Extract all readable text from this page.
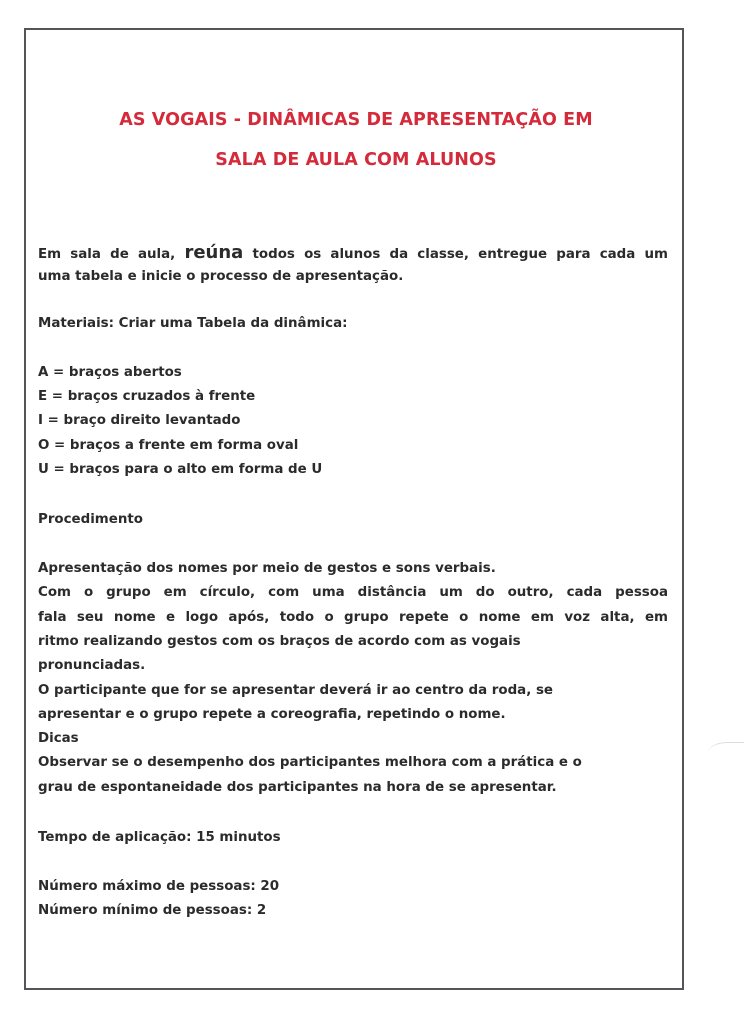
AS VOGAIS - DINÂMICAS DE APRESENTAÇÃO EM
SALA DE AULA COM ALUNOS
Em sala de aula, reúna todos os alunos da classe, entregue para cada um
uma tabela e inicie o processo de apresentação.
Materiais: Criar uma Tabela da dinâmica:
A = braços abertos
E = braços cruzados à frente
I = braço direito levantado
O = braços a frente em forma oval
U = braços para o alto em forma de U
Procedimento
Apresentação dos nomes por meio de gestos e sons verbais.
Com o grupo em círculo, com uma distância um do outro, cada pessoa
fala seu nome e logo após, todo o grupo repete o nome em voz alta, em
ritmo realizando gestos com os braços de acordo com as vogais
pronunciadas.
O participante que for se apresentar deverá ir ao centro da roda, se
apresentar e o grupo repete a coreografia, repetindo o nome.
Dicas
Observar se o desempenho dos participantes melhora com a prática e o
grau de espontaneidade dos participantes na hora de se apresentar.
Tempo de aplicação: 15 minutos
Número máximo de pessoas: 20
Número mínimo de pessoas: 2
